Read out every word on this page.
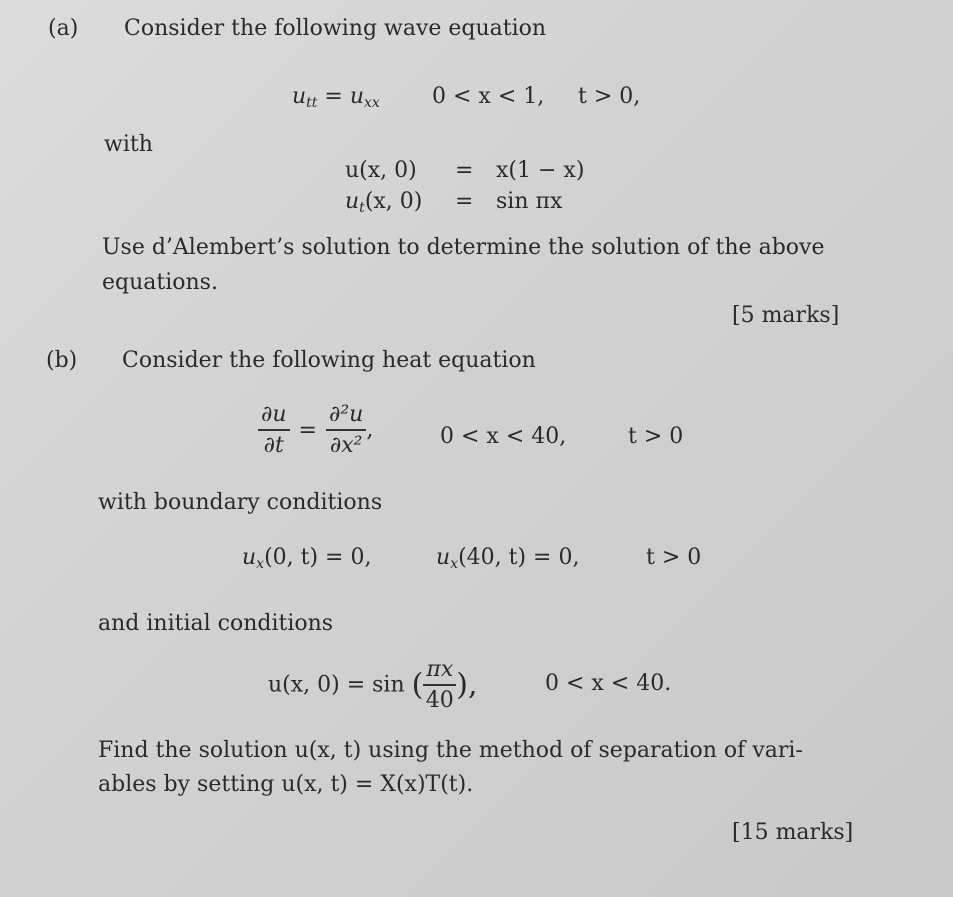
(a) Consider the following wave equation
$u_{tt} = u_{xx}$ 0 < x < 1, t > 0,
with
u(x, 0) = x(1 − x)
$u_t(x$, 0) = sin πx
Use d’Alembert’s solution to determine the solution of the above
equations.
[5 marks]
(b) Consider the following heat equation
$\frac{\partial u}{\partial t} = \frac{\text{∂²u}}{\text{∂x²}}$ ,	0 < x < 40,	t > 0
with boundary conditions
$u_x(0$, t) = 0,	$u_x(40$, t) = 0,	t > 0
and initial conditions
u(x, 0) = sin ( $\frac{\pi x}{40}$ ),	0 < x < 40.
Find the solution u(x, t) using the method of separation of vari-
ables by setting u(x, t) = X(x)T(t).
[15 marks]
